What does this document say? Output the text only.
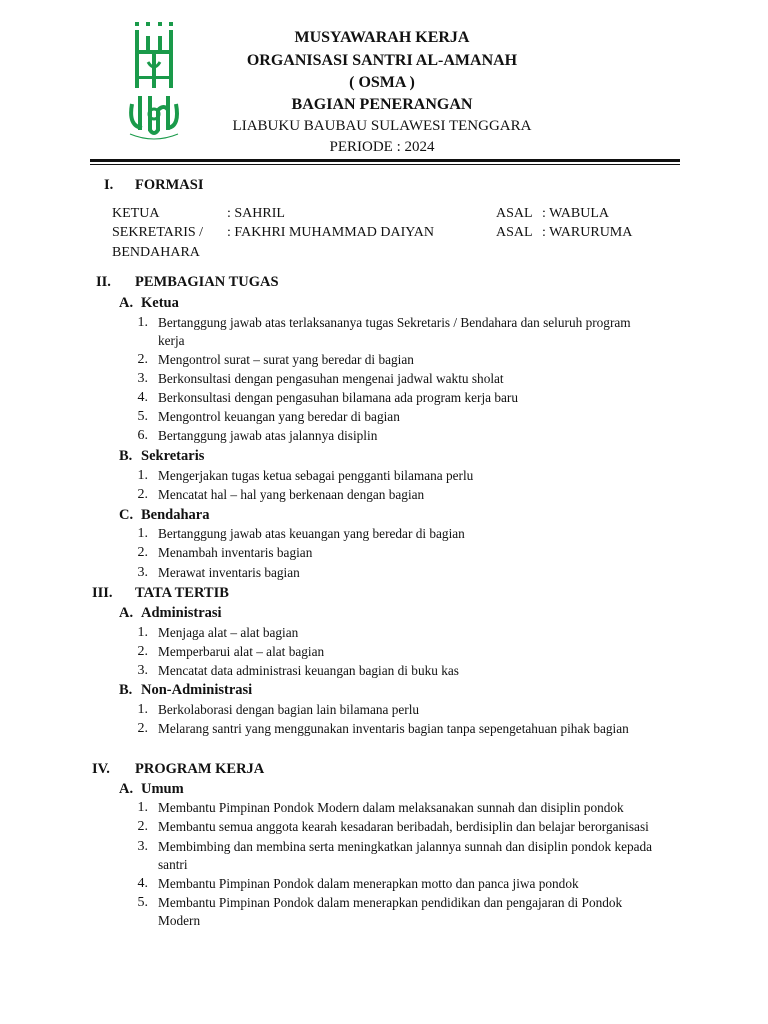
MUSYAWARAH KERJA
ORGANISASI SANTRI AL-AMANAH
( OSMA )
BAGIAN PENERANGAN
LIABUKU BAUBAU SULAWESI TENGGARA
PERIODE : 2024
I. FORMASI
KETUA	: SAHRIL	ASAL : WABULA
SEKRETARIS / : FAKHRI MUHAMMAD DAIYAN	ASAL : WARURUMA
BENDAHARA
II. PEMBAGIAN TUGAS
A. Ketua
1. Bertanggung jawab atas terlaksananya tugas Sekretaris / Bendahara dan seluruh program
kerja
2. Mengontrol surat – surat yang beredar di bagian
3. Berkonsultasi dengan pengasuhan mengenai jadwal waktu sholat
4. Berkonsultasi dengan pengasuhan bilamana ada program kerja baru
5. Mengontrol keuangan yang beredar di bagian
6. Bertanggung jawab atas jalannya disiplin
B. Sekretaris
1. Mengerjakan tugas ketua sebagai pengganti bilamana perlu
2. Mencatat hal – hal yang berkenaan dengan bagian
C. Bendahara
1. Bertanggung jawab atas keuangan yang beredar di bagian
2. Menambah inventaris bagian
3. Merawat inventaris bagian
III. TATA TERTIB
A. Administrasi
1. Menjaga alat – alat bagian
2. Memperbarui alat – alat bagian
3. Mencatat data administrasi keuangan bagian di buku kas
B. Non-Administrasi
1. Berkolaborasi dengan bagian lain bilamana perlu
2. Melarang santri yang menggunakan inventaris bagian tanpa sepengetahuan pihak bagian
IV. PROGRAM KERJA
A. Umum
1. Membantu Pimpinan Pondok Modern dalam melaksanakan sunnah dan disiplin pondok
2. Membantu semua anggota kearah kesadaran beribadah, berdisiplin dan belajar berorganisasi
3. Membimbing dan membina serta meningkatkan jalannya sunnah dan disiplin pondok kepada
santri
4. Membantu Pimpinan Pondok dalam menerapkan motto dan panca jiwa pondok
5. Membantu Pimpinan Pondok dalam menerapkan pendidikan dan pengajaran di Pondok
Modern
